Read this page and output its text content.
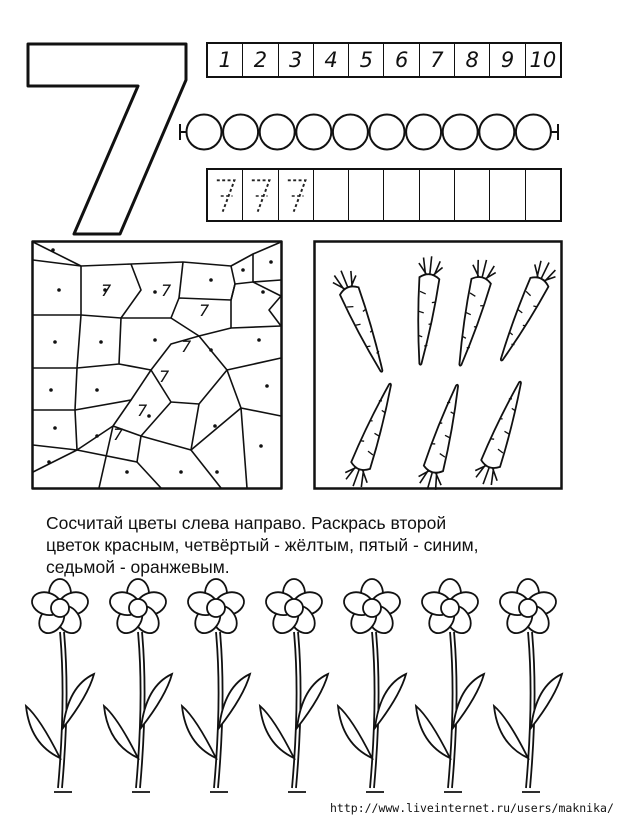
1	2	3	4	5	6	7	8	9 10
7	7
7
7
7
7
7

Сосчитай цветы слева направо. Раскрась второй
цветок красным, четвёртый - жёлтым, пятый - синим,
седьмой - оранжевым.

http://www.liveinternet.ru/users/maknika/
